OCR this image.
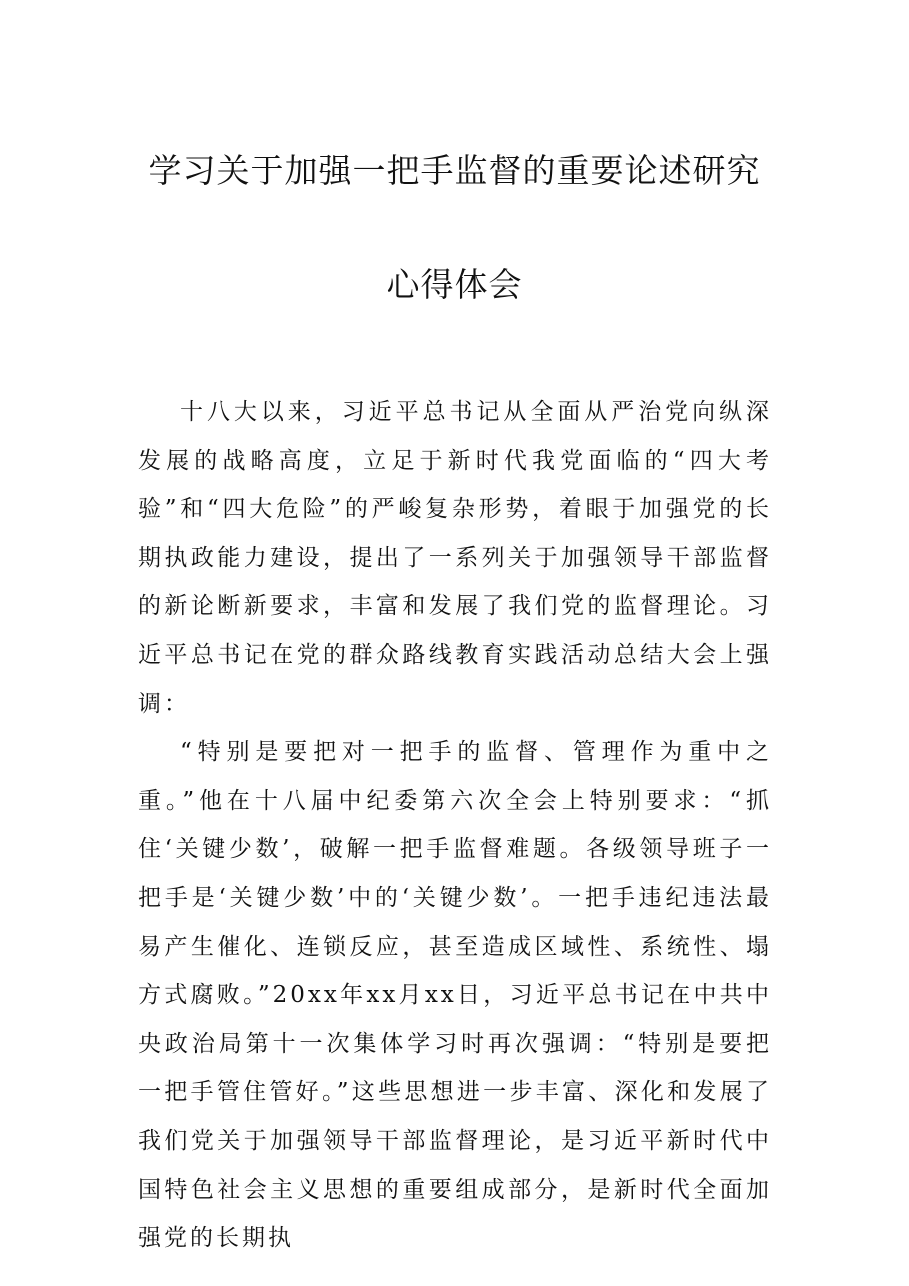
学习关于加强一把手监督的重要论述研究
心得体会

十八大以来，习近平总书记从全面从严治党向纵深发展的战略高度，立足于新时代我党面临的“四大考验”和“四大危险”的严峻复杂形势，着眼于加强党的长期执政能力建设，提出了一系列关于加强领导干部监督的新论断新要求，丰富和发展了我们党的监督理论。习近平总书记在党的群众路线教育实践活动总结大会上强调：

“特别是要把对一把手的监督、管理作为重中之重。”他在十八届中纪委第六次全会上特别要求：“抓住‘关键少数’，破解一把手监督难题。各级领导班子一把手是‘关键少数’中的‘关键少数’。一把手违纪违法最易产生催化、连锁反应，甚至造成区域性、系统性、塌方式腐败。”20xx年xx月xx日，习近平总书记在中共中央政治局第十一次集体学习时再次强调：“特别是要把一把手管住管好。”这些思想进一步丰富、深化和发展了我们党关于加强领导干部监督理论，是习近平新时代中国特色社会主义思想的重要组成部分，是新时代全面加强党的长期执
